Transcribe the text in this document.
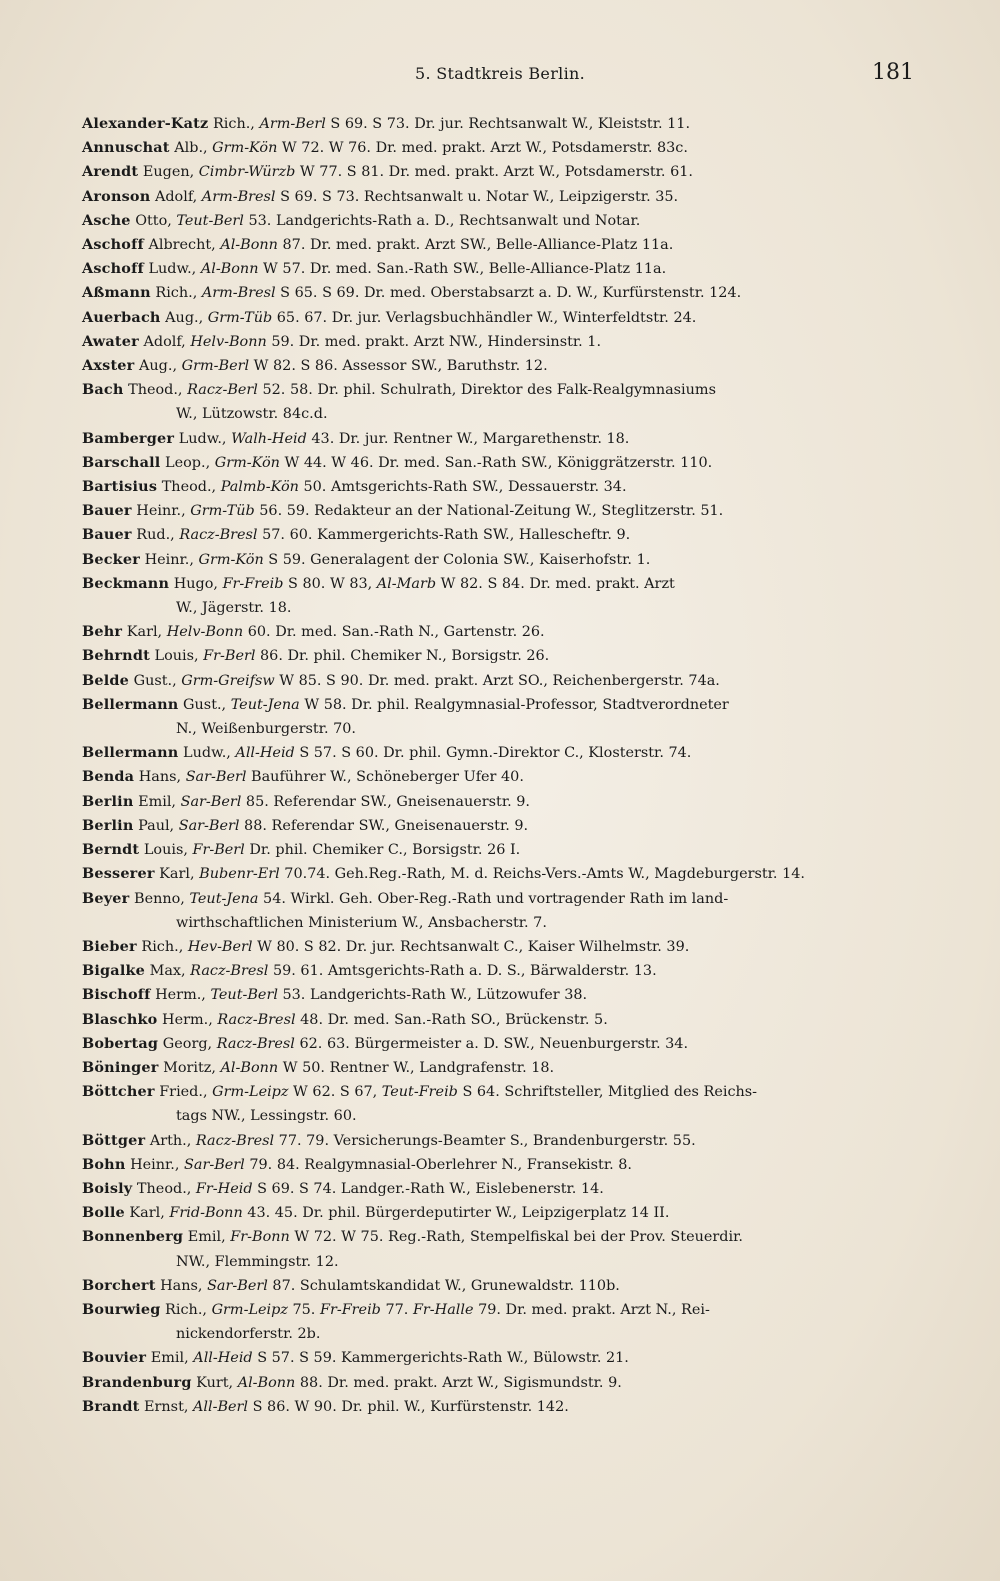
5. Stadtkreis Berlin.	181
Alexander-Katz Rich., Arm-Berl S 69. S 73. Dr. jur. Rechtsanwalt W., Kleiststr. 11.
Annuschat Alb., Grm-Kön W 72. W 76. Dr. med. prakt. Arzt W., Potsdamerstr. 83c.
Arendt Eugen, Cimbr-Würzb W 77. S 81. Dr. med. prakt. Arzt W., Potsdamerstr. 61.
Aronson Adolf, Arm-Bresl S 69. S 73. Rechtsanwalt u. Notar W., Leipzigerstr. 35.
Asche Otto, Teut-Berl 53. Landgerichts-Rath a. D., Rechtsanwalt und Notar.
Aschoff Albrecht, Al-Bonn 87. Dr. med. prakt. Arzt SW., Belle-Alliance-Platz 11a.
Aschoff Ludw., Al-Bonn W 57. Dr. med. San.-Rath SW., Belle-Alliance-Platz 11a.
Aßmann Rich., Arm-Bresl S 65. S 69. Dr. med. Oberstabsarzt a. D. W., Kurfürstenstr. 124.
Auerbach Aug., Grm-Tüb 65. 67. Dr. jur. Verlagsbuchhändler W., Winterfeldtstr. 24.
Awater Adolf, Helv-Bonn 59. Dr. med. prakt. Arzt NW., Hindersinstr. 1.
Axster Aug., Grm-Berl W 82. S 86. Assessor SW., Baruthstr. 12.
Bach Theod., Racz-Berl 52. 58. Dr. phil. Schulrath, Direktor des Falk-Realgymnasiums
W., Lützowstr. 84c.d.
Bamberger Ludw., Walh-Heid 43. Dr. jur. Rentner W., Margarethenstr. 18.
Barschall Leop., Grm-Kön W 44. W 46. Dr. med. San.-Rath SW., Königgrätzerstr. 110.
Bartisius Theod., Palmb-Kön 50. Amtsgerichts-Rath SW., Dessauerstr. 34.
Bauer Heinr., Grm-Tüb 56. 59. Redakteur an der National-Zeitung W., Steglitzerstr. 51.
Bauer Rud., Racz-Bresl 57. 60. Kammergerichts-Rath SW., Hallescheftr. 9.
Becker Heinr., Grm-Kön S 59. Generalagent der Colonia SW., Kaiserhofstr. 1.
Beckmann Hugo, Fr-Freib S 80. W 83, Al-Marb W 82. S 84. Dr. med. prakt. Arzt
W., Jägerstr. 18.
Behr Karl, Helv-Bonn 60. Dr. med. San.-Rath N., Gartenstr. 26.
Behrndt Louis, Fr-Berl 86. Dr. phil. Chemiker N., Borsigstr. 26.
Belde Gust., Grm-Greifsw W 85. S 90. Dr. med. prakt. Arzt SO., Reichenbergerstr. 74a.
Bellermann Gust., Teut-Jena W 58. Dr. phil. Realgymnasial-Professor, Stadtverordneter
N., Weißenburgerstr. 70.
Bellermann Ludw., All-Heid S 57. S 60. Dr. phil. Gymn.-Direktor C., Klosterstr. 74.
Benda Hans, Sar-Berl Bauführer W., Schöneberger Ufer 40.
Berlin Emil, Sar-Berl 85. Referendar SW., Gneisenauerstr. 9.
Berlin Paul, Sar-Berl 88. Referendar SW., Gneisenauerstr. 9.
Berndt Louis, Fr-Berl Dr. phil. Chemiker C., Borsigstr. 26 I.
Besserer Karl, Bubenr-Erl 70.74. Geh.Reg.-Rath, M. d. Reichs-Vers.-Amts W., Magdeburgerstr. 14.
Beyer Benno, Teut-Jena 54. Wirkl. Geh. Ober-Reg.-Rath und vortragender Rath im land-
wirthschaftlichen Ministerium W., Ansbacherstr. 7.
Bieber Rich., Hev-Berl W 80. S 82. Dr. jur. Rechtsanwalt C., Kaiser Wilhelmstr. 39.
Bigalke Max, Racz-Bresl 59. 61. Amtsgerichts-Rath a. D. S., Bärwalderstr. 13.
Bischoff Herm., Teut-Berl 53. Landgerichts-Rath W., Lützowufer 38.
Blaschko Herm., Racz-Bresl 48. Dr. med. San.-Rath SO., Brückenstr. 5.
Bobertag Georg, Racz-Bresl 62. 63. Bürgermeister a. D. SW., Neuenburgerstr. 34.
Böninger Moritz, Al-Bonn W 50. Rentner W., Landgrafenstr. 18.
Böttcher Fried., Grm-Leipz W 62. S 67, Teut-Freib S 64. Schriftsteller, Mitglied des Reichs-
tags NW., Lessingstr. 60.
Böttger Arth., Racz-Bresl 77. 79. Versicherungs-Beamter S., Brandenburgerstr. 55.
Bohn Heinr., Sar-Berl 79. 84. Realgymnasial-Oberlehrer N., Fransekistr. 8.
Boisly Theod., Fr-Heid S 69. S 74. Landger.-Rath W., Eislebenerstr. 14.
Bolle Karl, Frid-Bonn 43. 45. Dr. phil. Bürgerdeputirter W., Leipzigerplatz 14 II.
Bonnenberg Emil, Fr-Bonn W 72. W 75. Reg.-Rath, Stempelfiskal bei der Prov. Steuerdir.
NW., Flemmingstr. 12.
Borchert Hans, Sar-Berl 87. Schulamtskandidat W., Grunewaldstr. 110b.
Bourwieg Rich., Grm-Leipz 75. Fr-Freib 77. Fr-Halle 79. Dr. med. prakt. Arzt N., Rei-
nickendorferstr. 2b.
Bouvier Emil, All-Heid S 57. S 59. Kammergerichts-Rath W., Bülowstr. 21.
Brandenburg Kurt, Al-Bonn 88. Dr. med. prakt. Arzt W., Sigismundstr. 9.
Brandt Ernst, All-Berl S 86. W 90. Dr. phil. W., Kurfürstenstr. 142.
